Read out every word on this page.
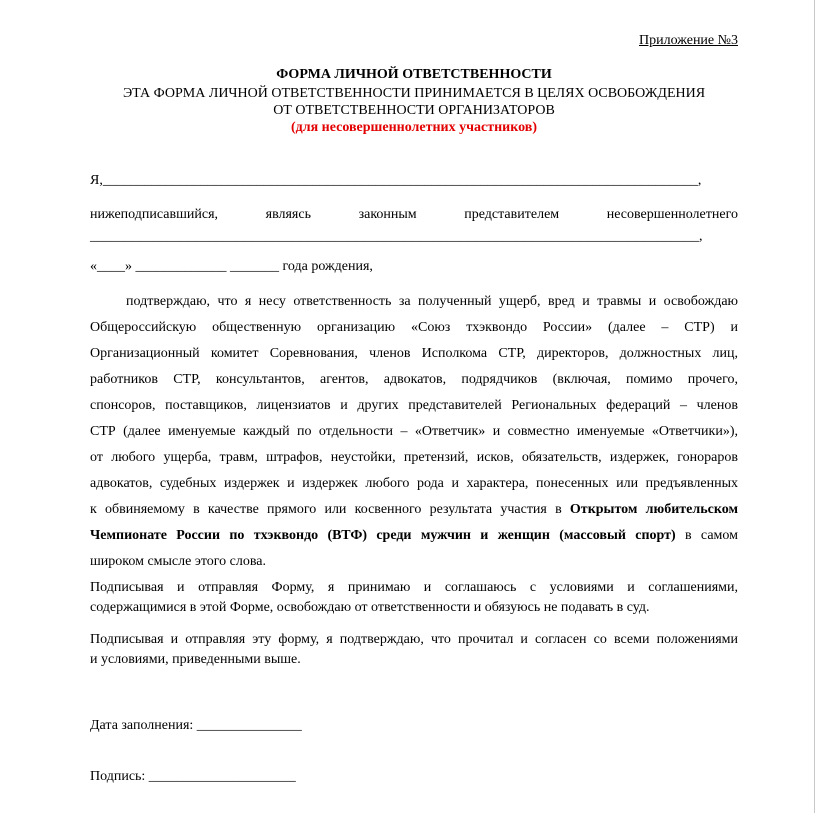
Приложение №3
ФОРМА ЛИЧНОЙ ОТВЕТСТВЕННОСТИ
ЭТА ФОРМА ЛИЧНОЙ ОТВЕТСТВЕННОСТИ ПРИНИМАЕТСЯ В ЦЕЛЯХ ОСВОБОЖДЕНИЯ
ОТ ОТВЕТСТВЕННОСТИ ОРГАНИЗАТОРОВ
(для несовершеннолетних участников)
Я,_____________________________________________________________________________________,
нижеподписавшийся,	являясь	законным	представителем	несовершеннолетнего
_______________________________________________________________________________________,
«____» _____________ _______ года рождения,
подтверждаю, что я несу ответственность за полученный ущерб, вред и травмы и освобождаю
Общероссийскую общественную организацию «Союз тхэквондо России» (далее – СТР) и
Организационный комитет Соревнования, членов Исполкома СТР, директоров, должностных лиц,
работников СТР, консультантов, агентов, адвокатов, подрядчиков (включая, помимо прочего,
спонсоров, поставщиков, лицензиатов и других представителей Региональных федераций – членов
СТР (далее именуемые каждый по отдельности – «Ответчик» и совместно именуемые «Ответчики»),
от любого ущерба, травм, штрафов, неустойки, претензий, исков, обязательств, издержек, гонораров
адвокатов, судебных издержек и издержек любого рода и характера, понесенных или предъявленных
к обвиняемому в качестве прямого или косвенного результата участия в Открытом любительском
Чемпионате России по тхэквондо (ВТФ) среди мужчин и женщин (массовый спорт) в самом
широком смысле этого слова.
Подписывая и отправляя Форму, я принимаю и соглашаюсь с условиями и соглашениями,
содержащимися в этой Форме, освобождаю от ответственности и обязуюсь не подавать в суд.
Подписывая и отправляя эту форму, я подтверждаю, что прочитал и согласен со всеми положениями
и условиями, приведенными выше.
Дата заполнения: _______________
Подпись: _____________________
